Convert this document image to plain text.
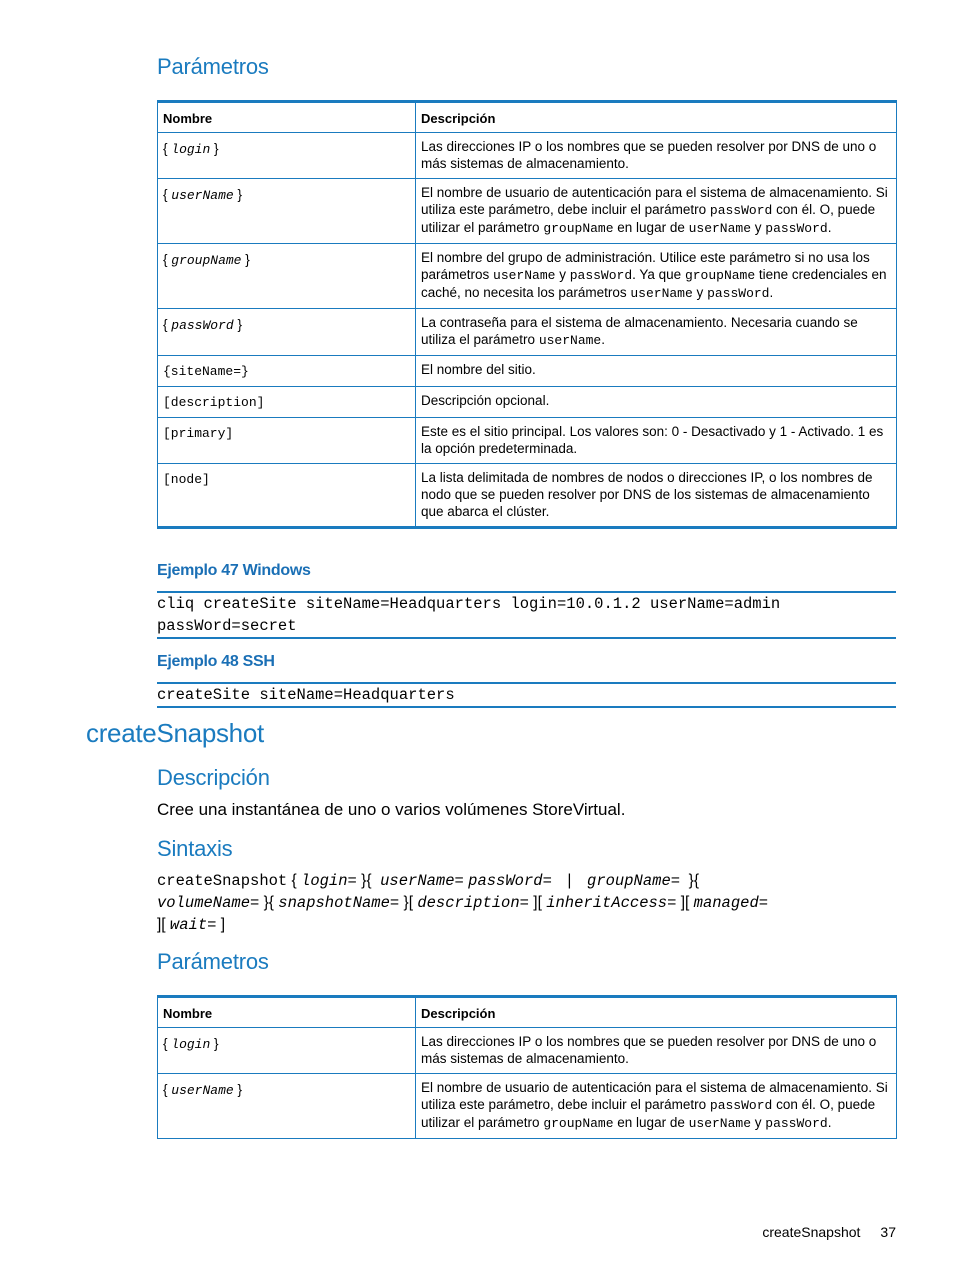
Parámetros
Nombre	Descripción
{ login }	Las direcciones IP o los nombres que se pueden resolver por DNS de uno o más sistemas de almacenamiento.
{ userName }	El nombre de usuario de autenticación para el sistema de almacenamiento. Si utiliza este parámetro, debe incluir el parámetro passWord con él. O, puede utilizar el parámetro groupName en lugar de userName y passWord.
{ groupName }	El nombre del grupo de administración. Utilice este parámetro si no usa los parámetros userName y passWord. Ya que groupName tiene credenciales en caché, no necesita los parámetros userName y passWord.
{ passWord }	La contraseña para el sistema de almacenamiento. Necesaria cuando se utiliza el parámetro userName.
{siteName=}	El nombre del sitio.
[description]	Descripción opcional.
[primary]	Este es el sitio principal. Los valores son: 0 - Desactivado y 1 - Activado. 1 es la opción predeterminada.
[node]	La lista delimitada de nombres de nodos o direcciones IP, o los nombres de nodo que se pueden resolver por DNS de los sistemas de almacenamiento que abarca el clúster.
Ejemplo 47 Windows
cliq createSite siteName=Headquarters login=10.0.1.2 userName=admin
passWord=secret
Ejemplo 48 SSH
createSite siteName=Headquarters
createSnapshot
Descripción

Cree una instantánea de uno o varios volúmenes StoreVirtual.

Sintaxis
createSnapshot { login= }{  userName= passWord= | groupName=  }{
volumeName= }{ snapshotName= }[ description= ][ inheritAccess= ][ managed=
][ wait= ]
Parámetros
Nombre	Descripción
{ login }	Las direcciones IP o los nombres que se pueden resolver por DNS de uno o más sistemas de almacenamiento.
{ userName }	El nombre de usuario de autenticación para el sistema de almacenamiento. Si utiliza este parámetro, debe incluir el parámetro passWord con él. O, puede utilizar el parámetro groupName en lugar de userName y passWord.
createSnapshot 37
